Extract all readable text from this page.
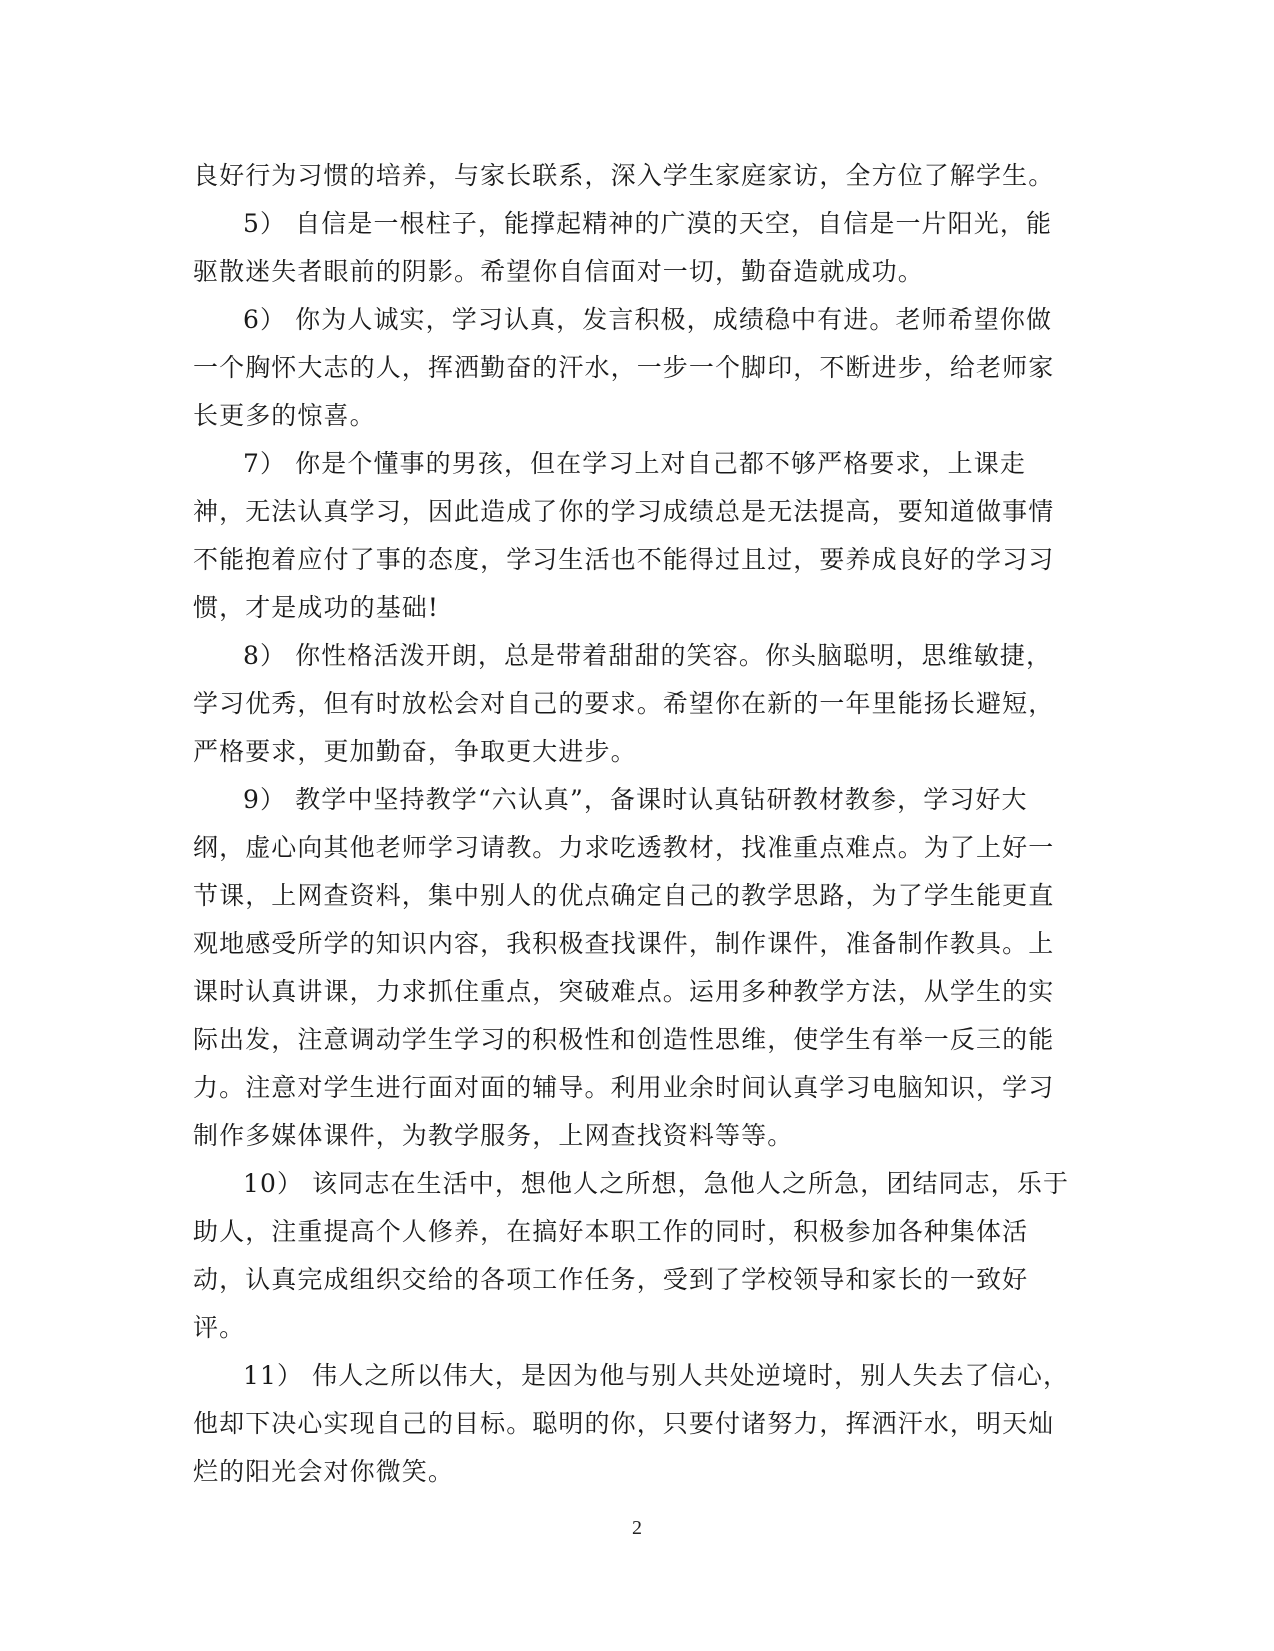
良好行为习惯的培养，与家长联系，深入学生家庭家访，全方位了解学生。

5） 自信是一根柱子，能撑起精神的广漠的天空，自信是一片阳光，能驱散迷失者眼前的阴影。希望你自信面对一切，勤奋造就成功。

6） 你为人诚实，学习认真，发言积极，成绩稳中有进。老师希望你做一个胸怀大志的人，挥洒勤奋的汗水，一步一个脚印，不断进步，给老师家长更多的惊喜。

7） 你是个懂事的男孩，但在学习上对自己都不够严格要求，上课走神，无法认真学习，因此造成了你的学习成绩总是无法提高，要知道做事情不能抱着应付了事的态度，学习生活也不能得过且过，要养成良好的学习习惯，才是成功的基础!

8） 你性格活泼开朗，总是带着甜甜的笑容。你头脑聪明，思维敏捷，学习优秀，但有时放松会对自己的要求。希望你在新的一年里能扬长避短，严格要求，更加勤奋，争取更大进步。

9） 教学中坚持教学“六认真”，备课时认真钻研教材教参，学习好大纲，虚心向其他老师学习请教。力求吃透教材，找准重点难点。为了上好一节课，上网查资料，集中别人的优点确定自己的教学思路，为了学生能更直观地感受所学的知识内容，我积极查找课件，制作课件，准备制作教具。上课时认真讲课，力求抓住重点，突破难点。运用多种教学方法，从学生的实际出发，注意调动学生学习的积极性和创造性思维，使学生有举一反三的能力。注意对学生进行面对面的辅导。利用业余时间认真学习电脑知识，学习制作多媒体课件，为教学服务，上网查找资料等等。

10） 该同志在生活中，想他人之所想，急他人之所急，团结同志，乐于助人，注重提高个人修养，在搞好本职工作的同时，积极参加各种集体活动，认真完成组织交给的各项工作任务，受到了学校领导和家长的一致好评。

11） 伟人之所以伟大，是因为他与别人共处逆境时，别人失去了信心，他却下决心实现自己的目标。聪明的你，只要付诸努力，挥洒汗水，明天灿烂的阳光会对你微笑。

2
